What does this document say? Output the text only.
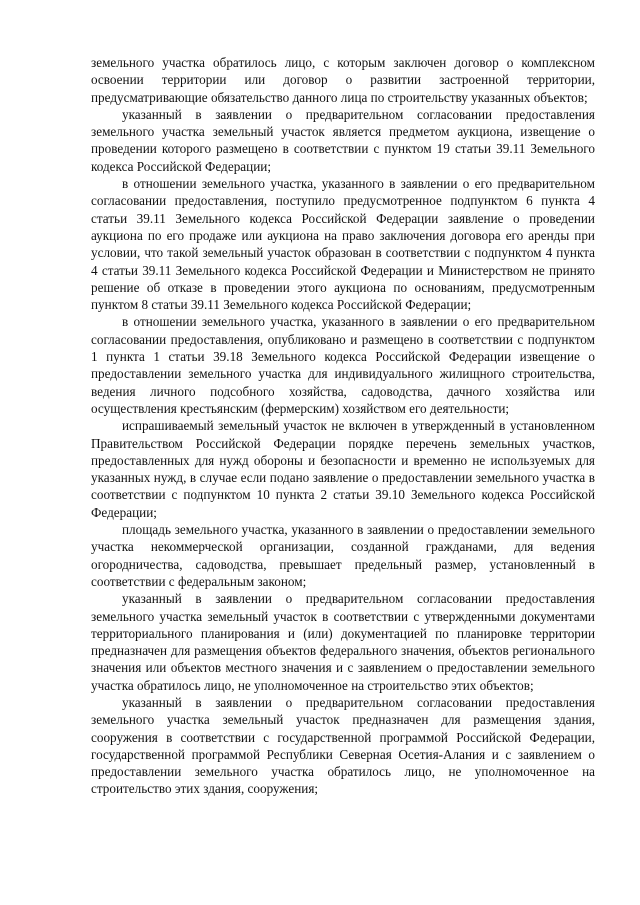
земельного участка обратилось лицо, с которым заключен договор о комплексном освоении территории или договор о развитии застроенной территории, предусматривающие обязательство данного лица по строительству указанных объектов;

указанный в заявлении о предварительном согласовании предоставления земельного участка земельный участок является предметом аукциона, извещение о проведении которого размещено в соответствии с пунктом 19 статьи 39.11 Земельного кодекса Российской Федерации;

в отношении земельного участка, указанного в заявлении о его предварительном согласовании предоставления, поступило предусмотренное подпунктом 6 пункта 4 статьи 39.11 Земельного кодекса Российской Федерации заявление о проведении аукциона по его продаже или аукциона на право заключения договора его аренды при условии, что такой земельный участок образован в соответствии с подпунктом 4 пункта 4 статьи 39.11 Земельного кодекса Российской Федерации и Министерством не принято решение об отказе в проведении этого аукциона по основаниям, предусмотренным пунктом 8 статьи 39.11 Земельного кодекса Российской Федерации;

в отношении земельного участка, указанного в заявлении о его предварительном согласовании предоставления, опубликовано и размещено в соответствии с подпунктом 1 пункта 1 статьи 39.18 Земельного кодекса Российской Федерации извещение о предоставлении земельного участка для индивидуального жилищного строительства, ведения личного подсобного хозяйства, садоводства, дачного хозяйства или осуществления крестьянским (фермерским) хозяйством его деятельности;

испрашиваемый земельный участок не включен в утвержденный в установленном Правительством Российской Федерации порядке перечень земельных участков, предоставленных для нужд обороны и безопасности и временно не используемых для указанных нужд, в случае если подано заявление о предоставлении земельного участка в соответствии с подпунктом 10 пункта 2 статьи 39.10 Земельного кодекса Российской Федерации;

площадь земельного участка, указанного в заявлении о предоставлении земельного участка некоммерческой организации, созданной гражданами, для ведения огородничества, садоводства, превышает предельный размер, установленный в соответствии с федеральным законом;

указанный в заявлении о предварительном согласовании предоставления земельного участка земельный участок в соответствии с утвержденными документами территориального планирования и (или) документацией по планировке территории предназначен для размещения объектов федерального значения, объектов регионального значения или объектов местного значения и с заявлением о предоставлении земельного участка обратилось лицо, не уполномоченное на строительство этих объектов;

указанный в заявлении о предварительном согласовании предоставления земельного участка земельный участок предназначен для размещения здания, сооружения в соответствии с государственной программой Российской Федерации, государственной программой Республики Северная Осетия-Алания и с заявлением о предоставлении земельного участка обратилось лицо, не уполномоченное на строительство этих здания, сооружения;
